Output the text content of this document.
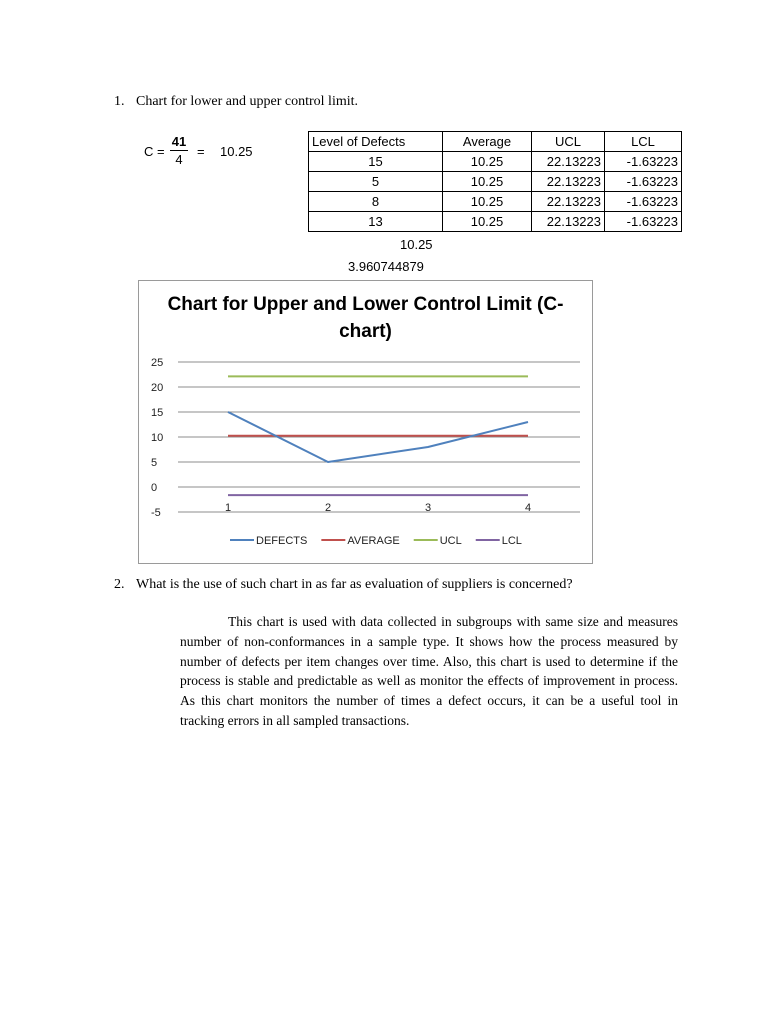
1. Chart for lower and upper control limit.
C =
41
4
= 10.25
Level of Defects	Average	UCL	LCL
15	10.25	22.13223	-1.63223
5	10.25	22.13223	-1.63223
8	10.25	22.13223	-1.63223
13	10.25	22.13223	-1.63223
10.25
3.960744879
Chart for Upper and Lower Control Limit (C-chart)
25
20
15
10
5
0
-5	1	2	3	4
DEFECTS	AVERAGE	UCL	LCL
2. What is the use of such chart in as far as evaluation of suppliers is concerned?

This chart is used with data collected in subgroups with same size and measures number of non-conformances in a sample type. It shows how the process measured by number of defects per item changes over time. Also, this chart is used to determine if the process is stable and predictable as well as monitor the effects of improvement in process. As this chart monitors the number of times a defect occurs, it can be a useful tool in tracking errors in all sampled transactions.
